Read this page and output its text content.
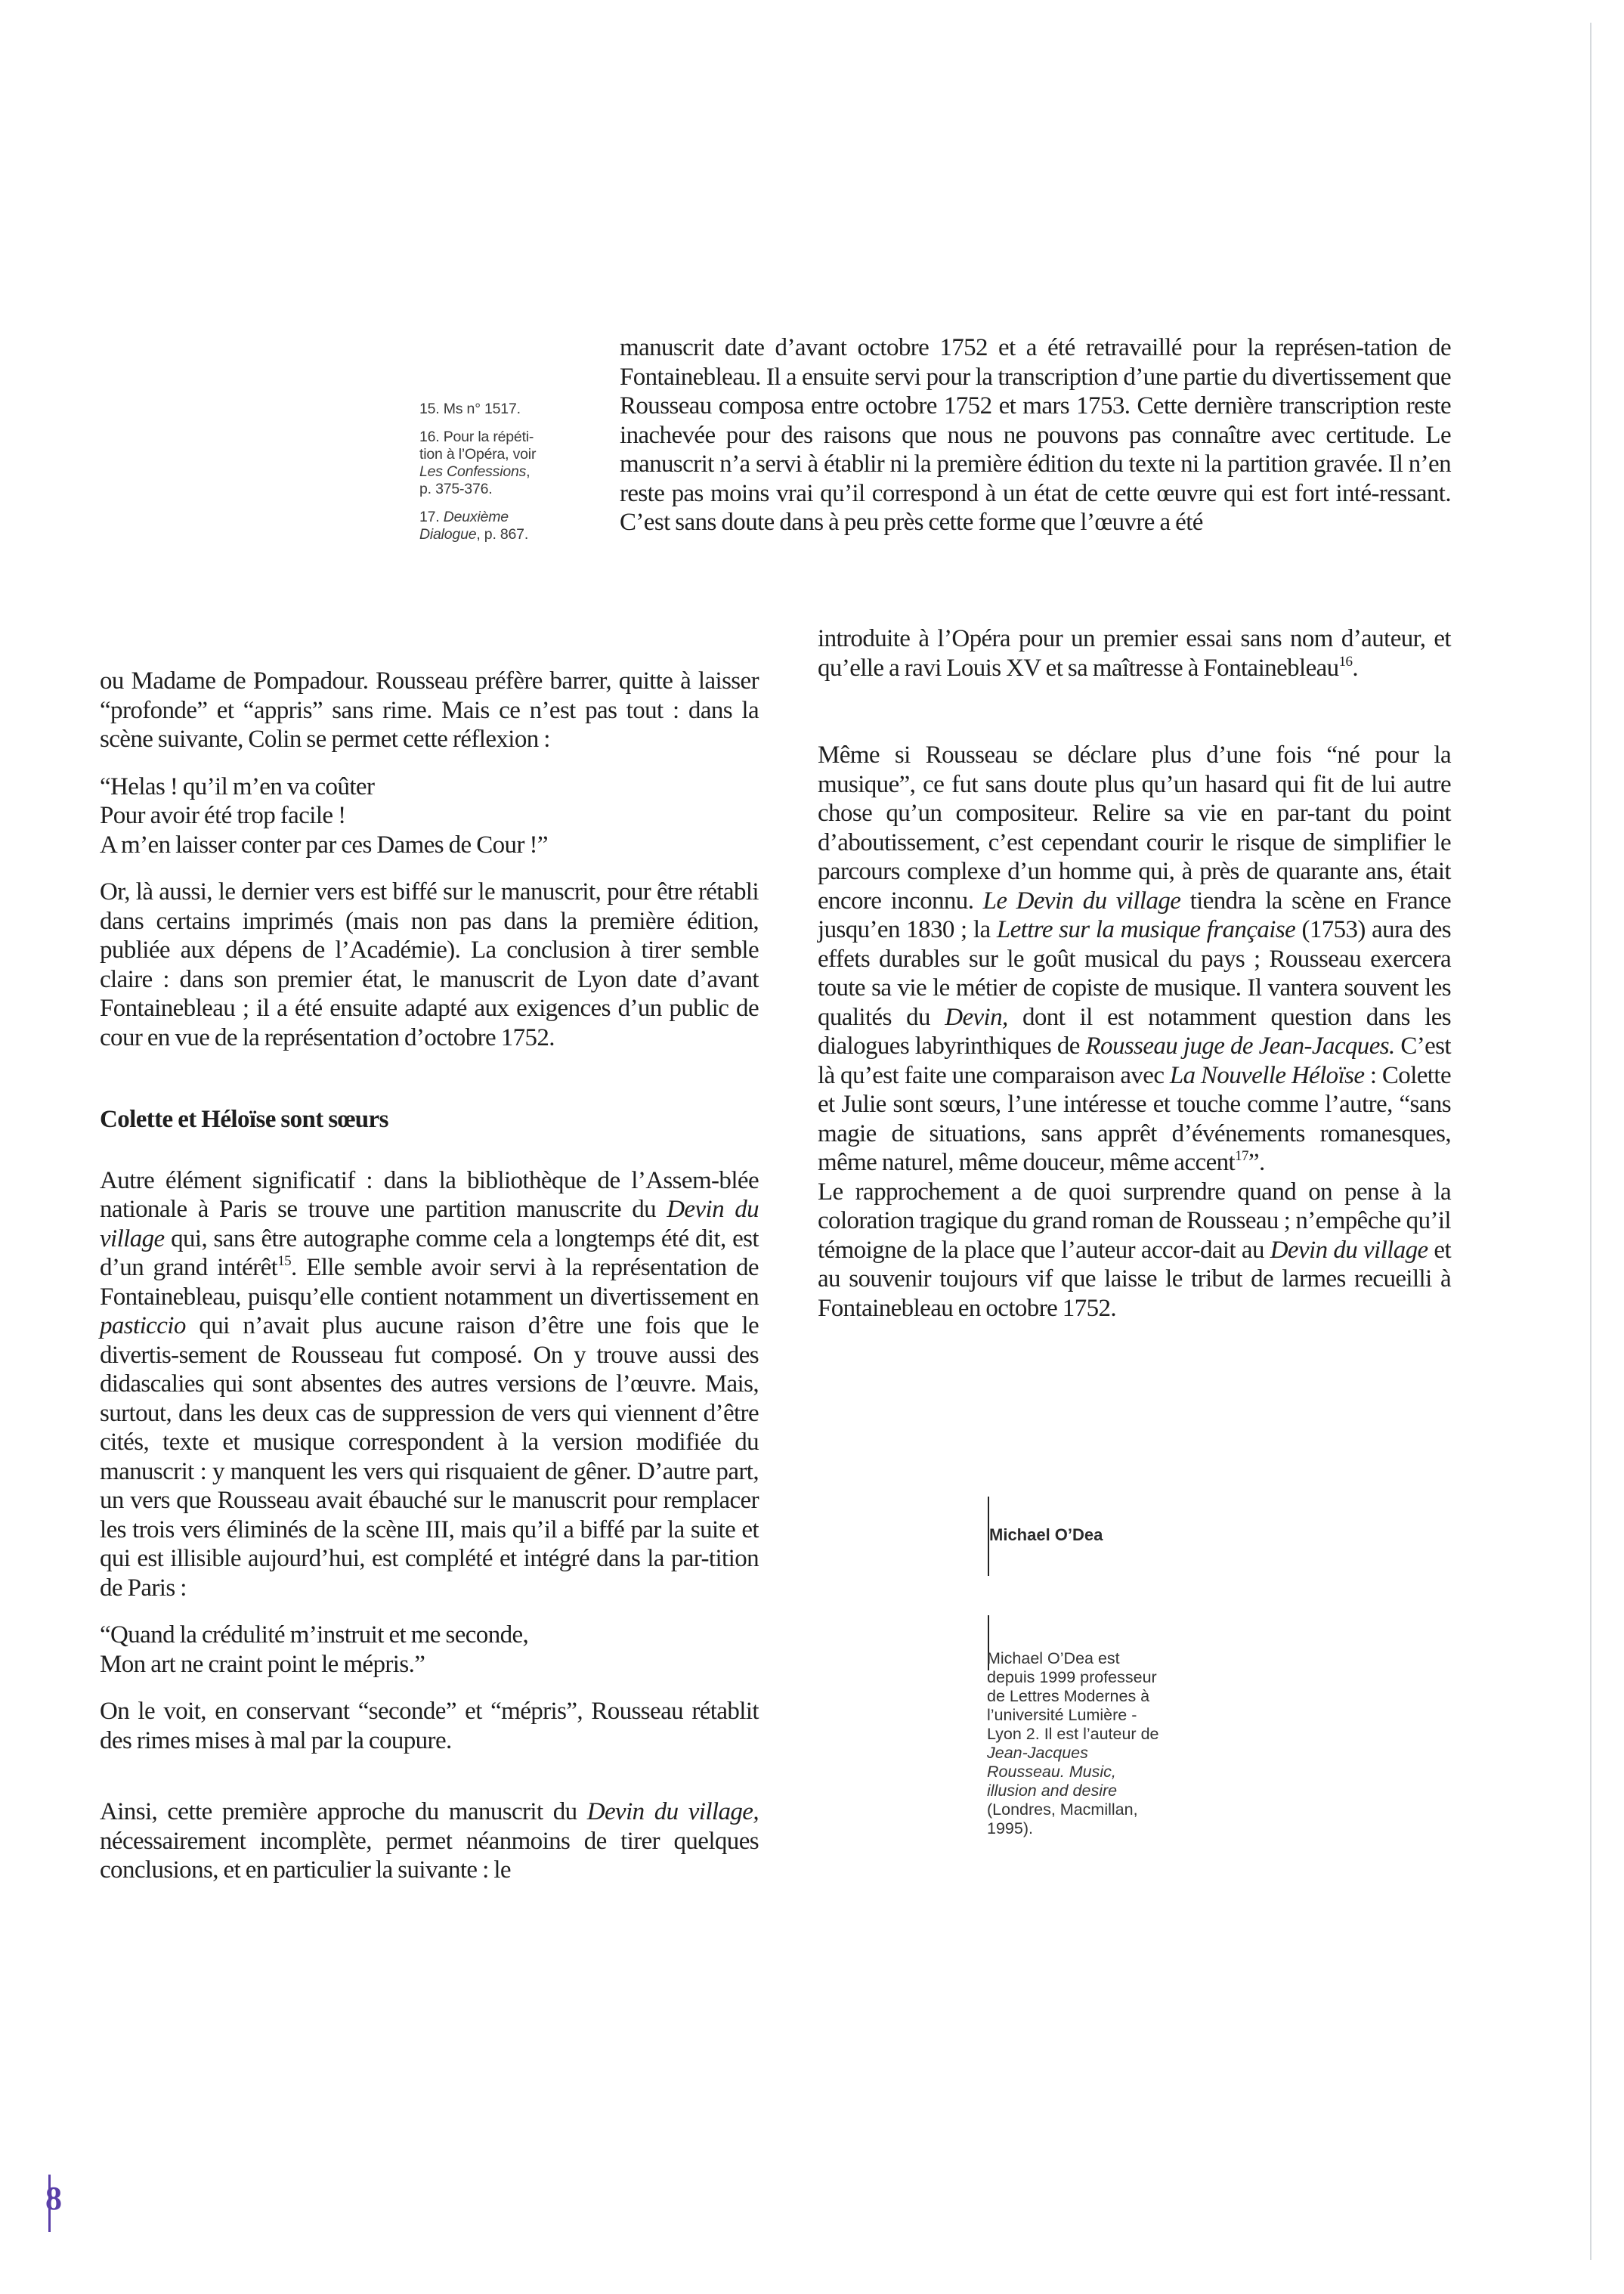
15. Ms n° 1517.

16. Pour la répéti-
tion à l’Opéra, voir
Les Confessions,
p. 375-376.

17. Deuxième
Dialogue, p. 867.

manuscrit date d’avant octobre 1752 et a été retravaillé pour la représen-tation de Fontainebleau. Il a ensuite servi pour la transcription d’une partie du divertissement que Rousseau composa entre octobre 1752 et mars 1753. Cette dernière transcription reste inachevée pour des raisons que nous ne pouvons pas connaître avec certitude. Le manuscrit n’a servi à établir ni la première édition du texte ni la partition gravée. Il n’en reste pas moins vrai qu’il correspond à un état de cette œuvre qui est fort inté-ressant. C’est sans doute dans à peu près cette forme que l’œuvre a été

introduite à l’Opéra pour un premier essai sans nom d’auteur, et qu’elle a ravi Louis XV et sa maîtresse à Fontainebleau$^{16}$.

ou Madame de Pompadour. Rousseau préfère barrer, quitte à laisser “profonde” et “appris” sans rime. Mais ce n’est pas tout : dans la scène suivante, Colin se permet cette réflexion :

“Helas ! qu’il m’en va coûter

Pour avoir été trop facile !

A m’en laisser conter par ces Dames de Cour !”

Or, là aussi, le dernier vers est biffé sur le manuscrit, pour être rétabli dans certains imprimés (mais non pas dans la première édition, publiée aux dépens de l’Académie). La conclusion à tirer semble claire : dans son premier état, le manuscrit de Lyon date d’avant Fontainebleau ; il a été ensuite adapté aux exigences d’un public de cour en vue de la représentation d’octobre 1752.

Colette et Héloïse sont sœurs

Autre élément significatif : dans la bibliothèque de l’Assem-blée nationale à Paris se trouve une partition manuscrite du Devin du village qui, sans être autographe comme cela a longtemps été dit, est d’un grand intérêt$^{15}$. Elle semble avoir servi à la représentation de Fontainebleau, puisqu’elle contient notamment un divertissement en pasticcio qui n’avait plus aucune raison d’être une fois que le divertis-sement de Rousseau fut composé. On y trouve aussi des didascalies qui sont absentes des autres versions de l’œuvre. Mais, surtout, dans les deux cas de suppression de vers qui viennent d’être cités, texte et musique correspondent à la version modifiée du manuscrit : y manquent les vers qui risquaient de gêner. D’autre part, un vers que Rousseau avait ébauché sur le manuscrit pour remplacer les trois vers éliminés de la scène III, mais qu’il a biffé par la suite et qui est illisible aujourd’hui, est complété et intégré dans la par-tition de Paris :

“Quand la crédulité m’instruit et me seconde,

Mon art ne craint point le mépris.”

On le voit, en conservant “seconde” et “mépris”, Rousseau rétablit des rimes mises à mal par la coupure.

Ainsi, cette première approche du manuscrit du Devin du village, nécessairement incomplète, permet néanmoins de tirer quelques conclusions, et en particulier la suivante : le

Même si Rousseau se déclare plus d’une fois “né pour la musique”, ce fut sans doute plus qu’un hasard qui fit de lui autre chose qu’un compositeur. Relire sa vie en par-tant du point d’aboutissement, c’est cependant courir le risque de simplifier le parcours complexe d’un homme qui, à près de quarante ans, était encore inconnu. Le Devin du village tiendra la scène en France jusqu’en 1830 ; la Lettre sur la musique française (1753) aura des effets durables sur le goût musical du pays ; Rousseau exercera toute sa vie le métier de copiste de musique. Il vantera souvent les qualités du Devin, dont il est notamment question dans les dialogues labyrinthiques de Rousseau juge de Jean-Jacques. C’est là qu’est faite une comparaison avec La Nouvelle Héloïse : Colette et Julie sont sœurs, l’une intéresse et touche comme l’autre, “sans magie de situations, sans apprêt d’événements romanesques, même naturel, même douceur, même accent$^{17}$”.

Le rapprochement a de quoi surprendre quand on pense à la coloration tragique du grand roman de Rousseau ; n’empêche qu’il témoigne de la place que l’auteur accor-dait au Devin du village et au souvenir toujours vif que laisse le tribut de larmes recueilli à Fontainebleau en octobre 1752.

Michael O’Dea
Michael O’Dea est depuis 1999 professeur de Lettres Modernes à l’université Lumière - Lyon 2. Il est l’auteur de Jean-Jacques Rousseau. Music, illusion and desire (Londres, Macmillan, 1995).
8
